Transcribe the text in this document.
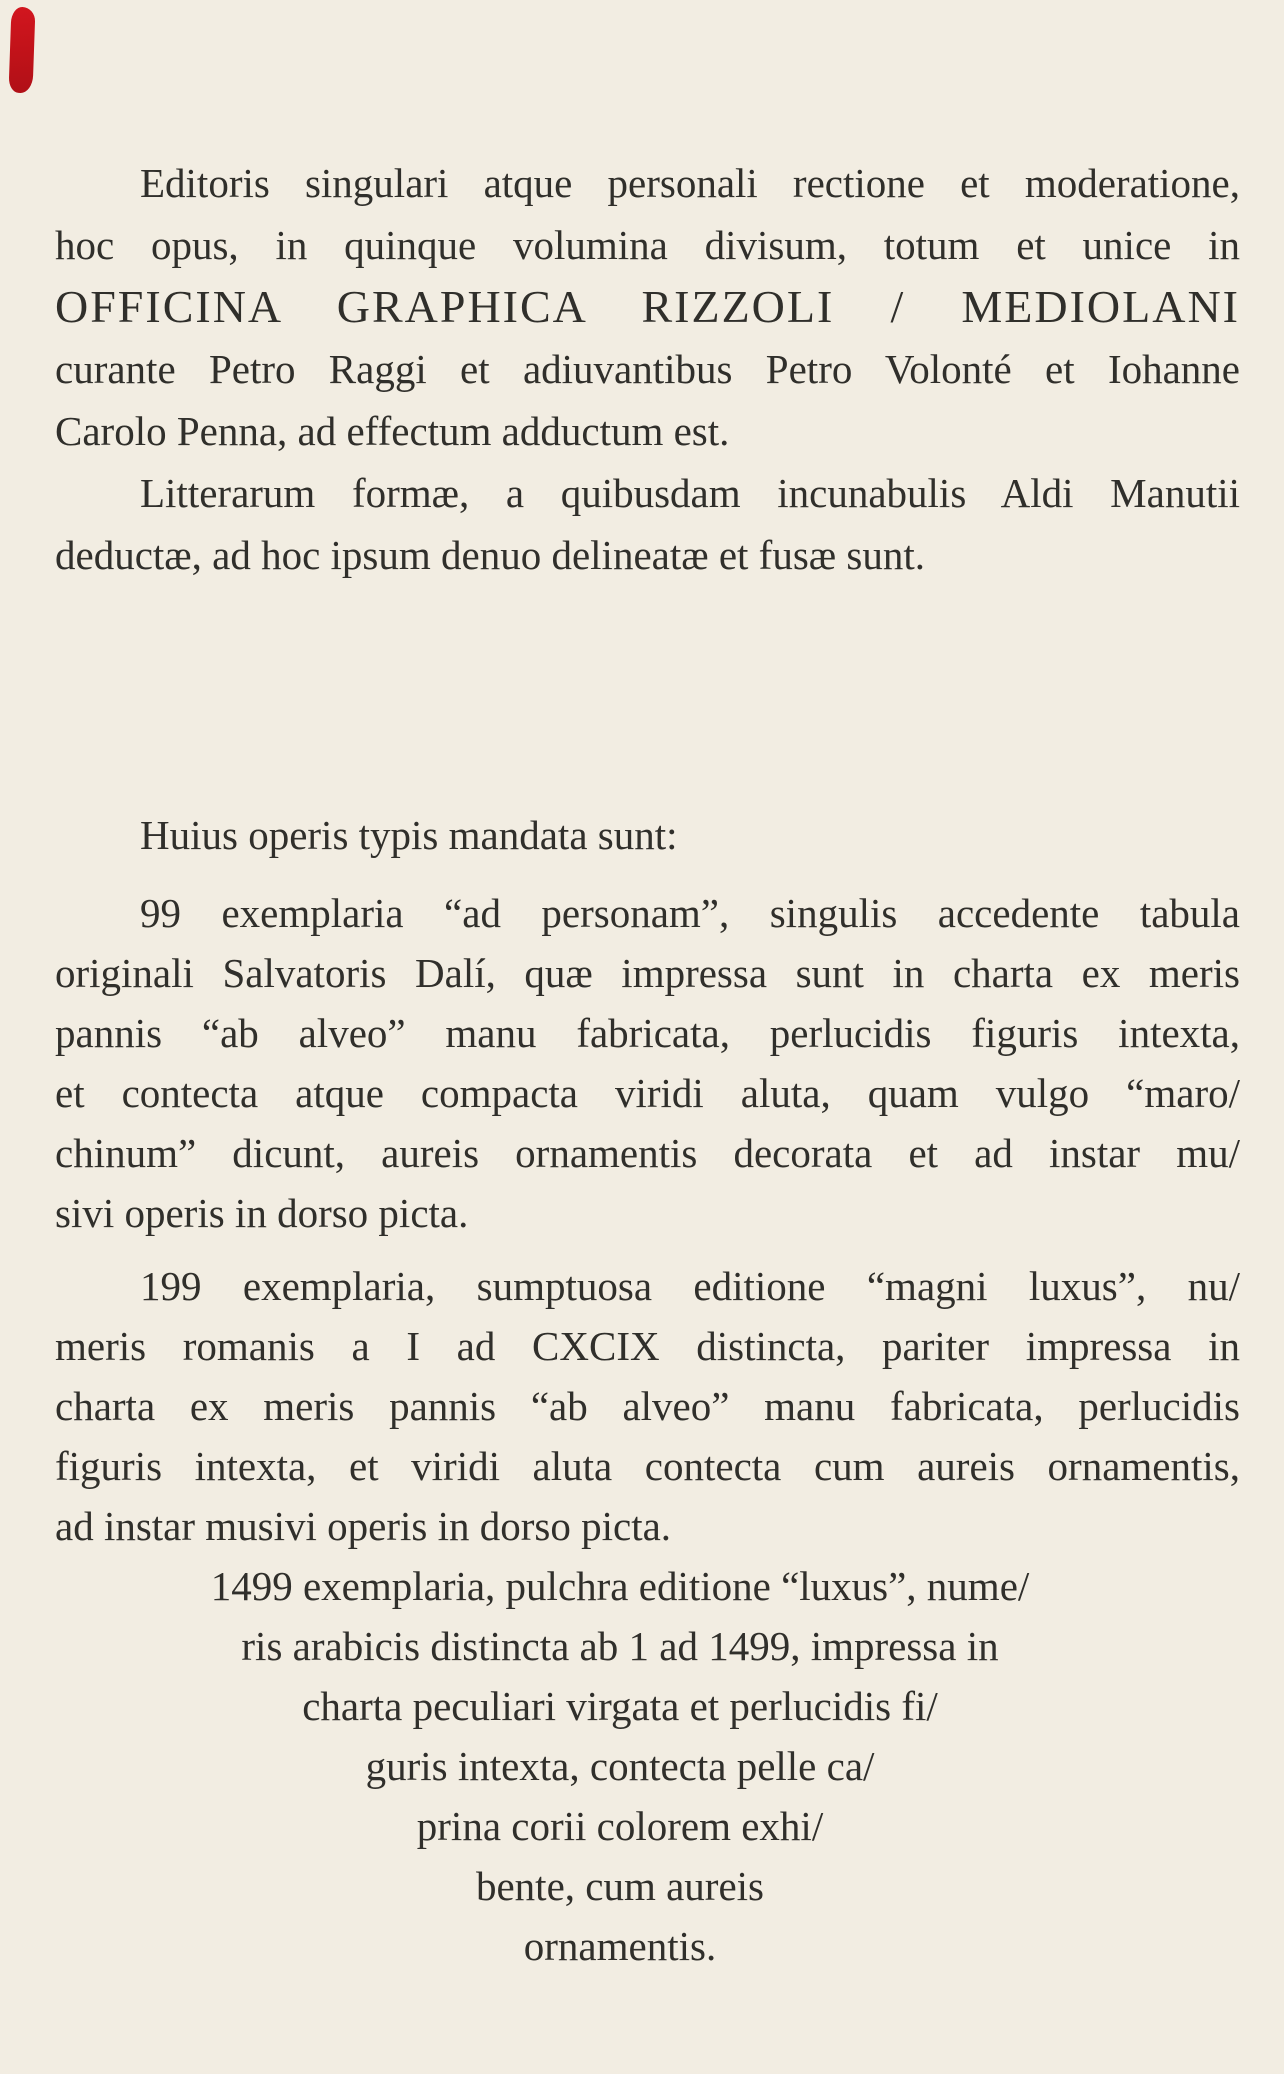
Editoris singulari atque personali rectione et moderatione,
hoc opus, in quinque volumina divisum, totum et unice in
OFFICINA GRAPHICA RIZZOLI / MEDIOLANI
curante Petro Raggi et adiuvantibus Petro Volonté et Iohanne
Carolo Penna, ad effectum adductum est.
Litterarum formæ, a quibusdam incunabulis Aldi Manutii
deductæ, ad hoc ipsum denuo delineatæ et fusæ sunt.
Huius operis typis mandata sunt:
99 exemplaria “ad personam”, singulis accedente tabula
originali Salvatoris Dalí, quæ impressa sunt in charta ex meris
pannis “ab alveo” manu fabricata, perlucidis figuris intexta,
et contecta atque compacta viridi aluta, quam vulgo “maro/
chinum” dicunt, aureis ornamentis decorata et ad instar mu/
sivi operis in dorso picta.
199 exemplaria, sumptuosa editione “magni luxus”, nu/
meris romanis a I ad CXCIX distincta, pariter impressa in
charta ex meris pannis “ab alveo” manu fabricata, perlucidis
figuris intexta, et viridi aluta contecta cum aureis ornamentis,
ad instar musivi operis in dorso picta.
1499 exemplaria, pulchra editione “luxus”, nume/
ris arabicis distincta ab 1 ad 1499, impressa in
charta peculiari virgata et perlucidis fi/
guris intexta, contecta pelle ca/
prina corii colorem exhi/
bente, cum aureis
ornamentis.
